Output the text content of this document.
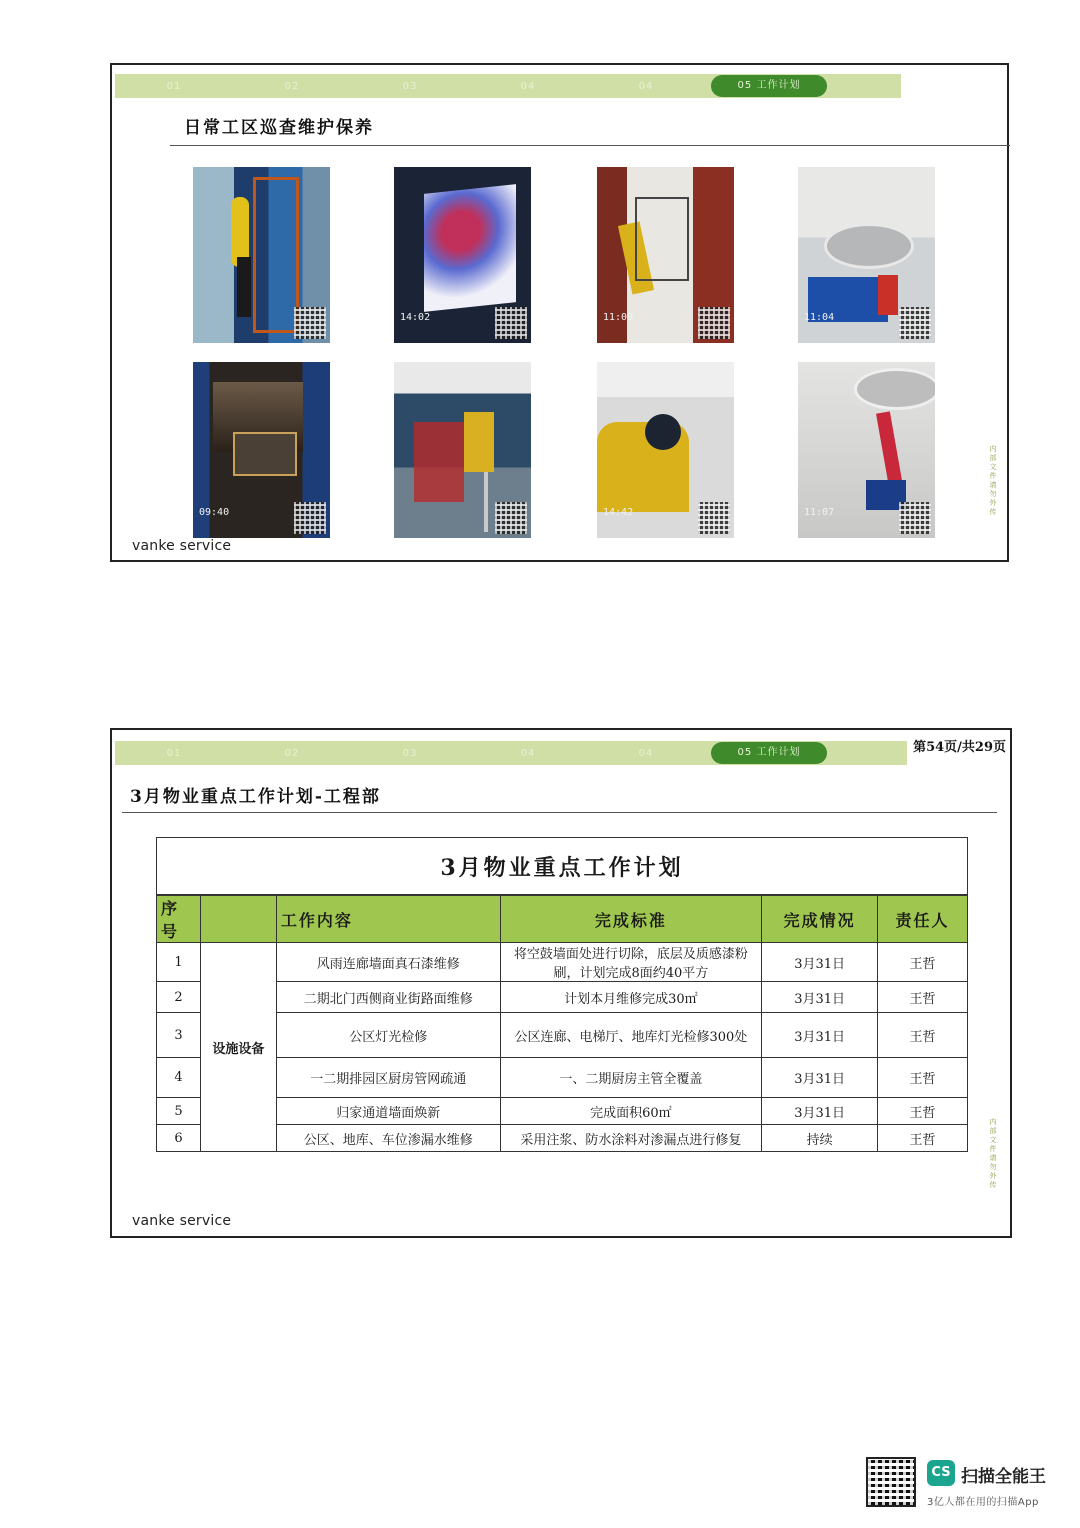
01	02	03	04	04	05 工作计划
日常工区巡查维护保养
14:02	11:09	11:04
09:40	14:42	11:07
vanke service
内部文件 请勿外传
01	02	03	04	04	05 工作计划	第54页/共29页
3月物业重点工作计划-工程部
3月物业重点工作计划					
序号		工作内容	完成标准	完成情况	责任人
1	设施设备	风雨连廊墙面真石漆维修	将空鼓墙面处进行切除，底层及质感漆粉刷，计划完成8面约40平方	3月31日	王哲
2		二期北门西侧商业街路面维修	计划本月维修完成30㎡	3月31日	王哲
3		公区灯光检修	公区连廊、电梯厅、地库灯光检修300处	3月31日	王哲
4		一二期排园区厨房管网疏通	一、二期厨房主管全覆盖	3月31日	王哲
5		归家通道墙面焕新	完成面积60㎡	3月31日	王哲
6		公区、地库、车位渗漏水维修	采用注浆、防水涂料对渗漏点进行修复	持续	王哲
vanke service
内部文件 请勿外传
CS 扫描全能王
3亿人都在用的扫描App
